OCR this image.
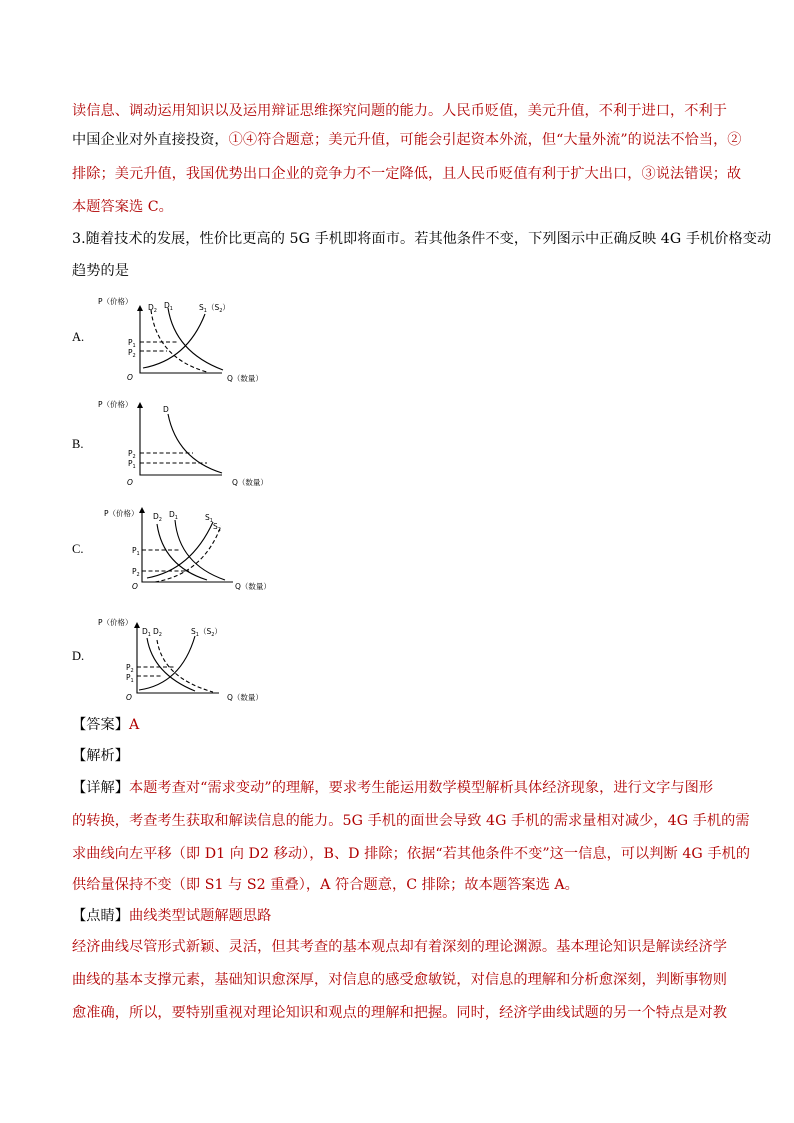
读信息、调动运用知识以及运用辩证思维探究问题的能力。人民币贬值，美元升值，不利于进口，不利于
中国企业对外直接投资，①④符合题意；美元升值，可能会引起资本外流，但“大量外流”的说法不恰当，②
排除；美元升值，我国优势出口企业的竞争力不一定降低，且人民币贬值有利于扩大出口，③说法错误；故
本题答案选 C。
3.随着技术的发展，性价比更高的 5G 手机即将面市。若其他条件不变，下列图示中正确反映 4G 手机价格变动
趋势的是
A.
P（价格）
O	Q（数量）
$P_1$
$P_2$
$D_2$
$D_1$	$S_1(S_2)$
B.
P（价格）
O	Q（数量）
$P_2$
$P_1$
D
C.
P（价格）
O	Q（数量）
$P_1$
$P_2$
$D_2$
$D_1$	$S_1$
$S_2$
D.
P（价格）
O	Q（数量）
$P_2$
$P_1$
$D_1$ $D_2$	$S_1(S_2)$
【答案】A
【解析】
【详解】本题考查对“需求变动”的理解，要求考生能运用数学模型解析具体经济现象，进行文字与图形
的转换，考查考生获取和解读信息的能力。5G 手机的面世会导致 4G 手机的需求量相对减少，4G 手机的需
求曲线向左平移（即 D1 向 D2 移动），B、D 排除；依据“若其他条件不变”这一信息，可以判断 4G 手机的
供给量保持不变（即 S1 与 S2 重叠），A 符合题意，C 排除；故本题答案选 A。
【点睛】曲线类型试题解题思路
经济曲线尽管形式新颖、灵活，但其考查的基本观点却有着深刻的理论渊源。基本理论知识是解读经济学
曲线的基本支撑元素，基础知识愈深厚，对信息的感受愈敏锐，对信息的理解和分析愈深刻，判断事物则
愈准确，所以，要特别重视对理论知识和观点的理解和把握。同时，经济学曲线试题的另一个特点是对教
